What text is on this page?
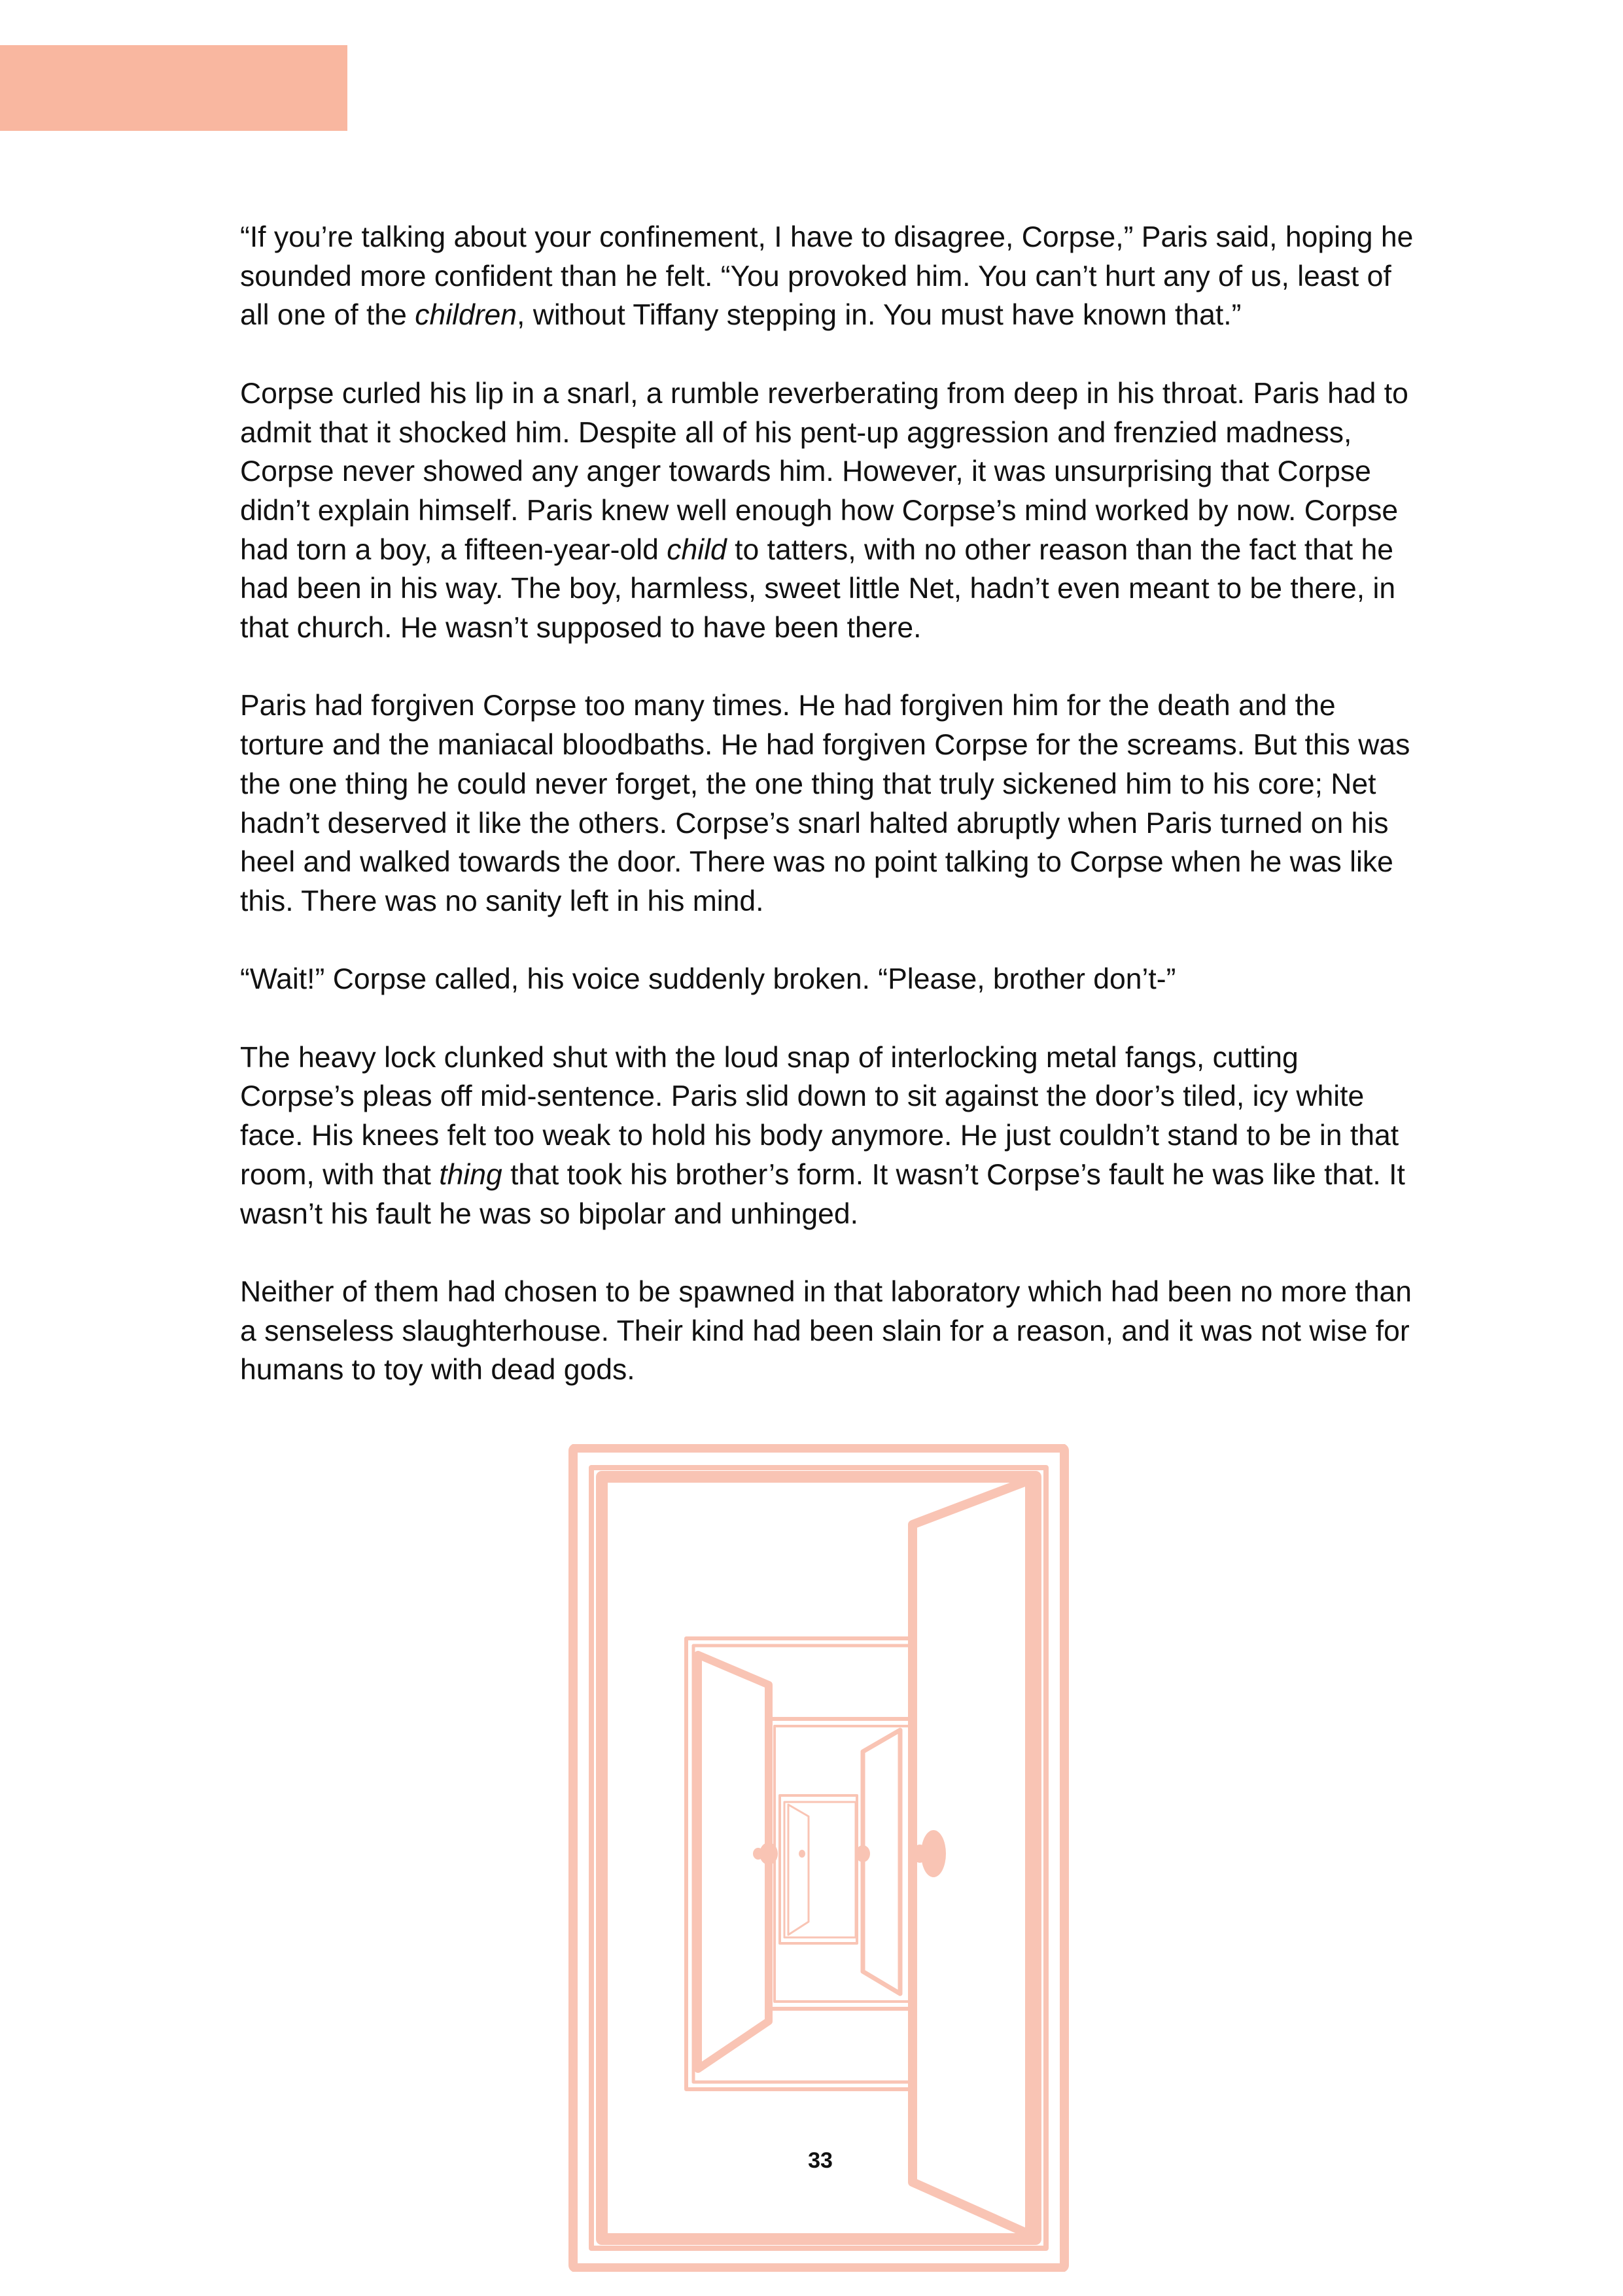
“If you’re talking about your confinement, I have to disagree, Corpse,” Paris said, hoping he sounded more confident than he felt. “You provoked him. You can’t hurt any of us, least of all one of the children, without Tiffany stepping in. You must have known that.”

Corpse curled his lip in a snarl, a rumble reverberating from deep in his throat. Paris had to admit that it shocked him. Despite all of his pent-up aggression and frenzied madness, Corpse never showed any anger towards him. However, it was unsurprising that Corpse didn’t explain himself. Paris knew well enough how Corpse’s mind worked by now. Corpse had torn a boy, a fifteen-year-old child to tatters, with no other reason than the fact that he had been in his way. The boy, harmless, sweet little Net, hadn’t even meant to be there, in that church. He wasn’t supposed to have been there.

Paris had forgiven Corpse too many times. He had forgiven him for the death and the torture and the maniacal bloodbaths. He had forgiven Corpse for the screams. But this was the one thing he could never forget, the one thing that truly sickened him to his core; Net hadn’t deserved it like the others. Corpse’s snarl halted abruptly when Paris turned on his heel and walked towards the door. There was no point talking to Corpse when he was like this. There was no sanity left in his mind.

“Wait!” Corpse called, his voice suddenly broken. “Please, brother don’t-”

The heavy lock clunked shut with the loud snap of interlocking metal fangs, cutting Corpse’s pleas off mid-sentence. Paris slid down to sit against the door’s tiled, icy white face. His knees felt too weak to hold his body anymore. He just couldn’t stand to be in that room, with that thing that took his brother’s form. It wasn’t Corpse’s fault he was like that. It wasn’t his fault he was so bipolar and unhinged.

Neither of them had chosen to be spawned in that laboratory which had been no more than a senseless slaughterhouse. Their kind had been slain for a reason, and it was not wise for humans to toy with dead gods.

33
